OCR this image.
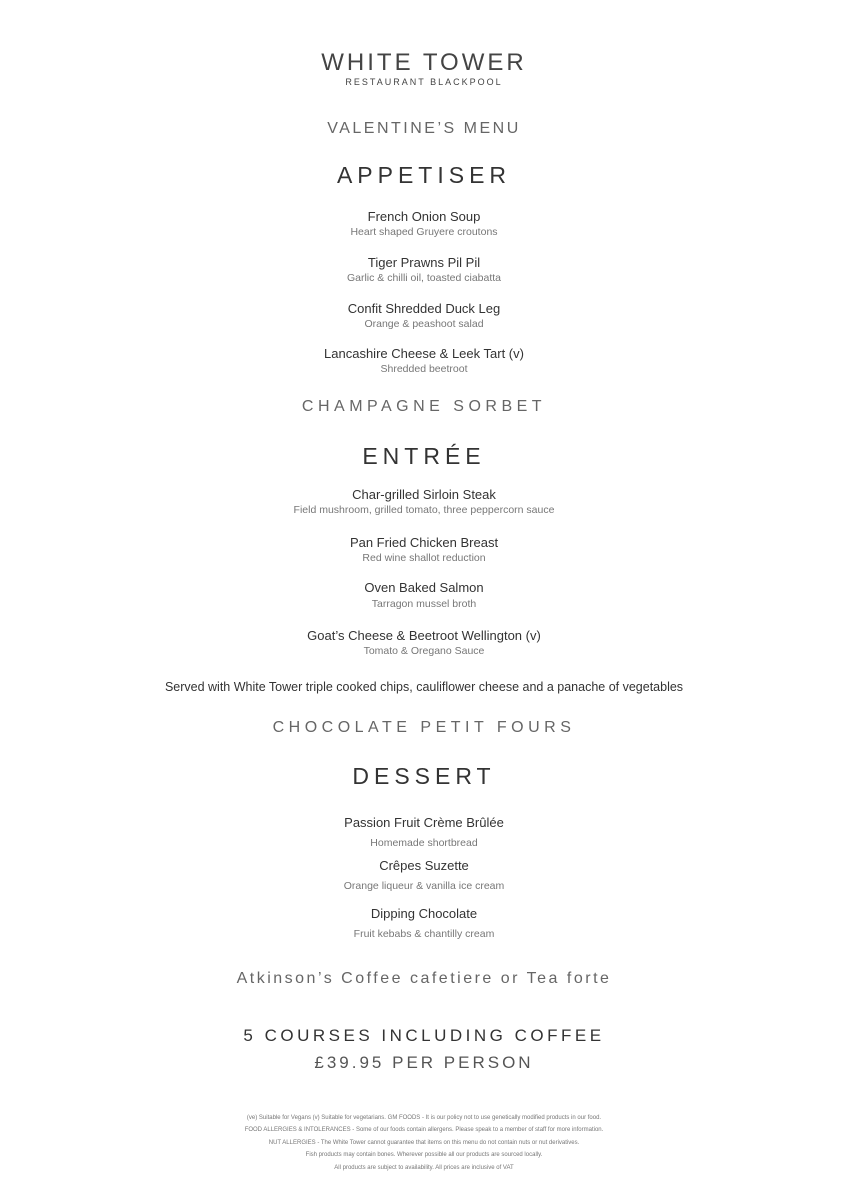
WHITE TOWER
RESTAURANT BLACKPOOL
VALENTINE’S MENU
APPETISER
French Onion Soup
Heart shaped Gruyere croutons
Tiger Prawns Pil Pil
Garlic & chilli oil, toasted ciabatta
Confit Shredded Duck Leg
Orange & peashoot salad
Lancashire Cheese & Leek Tart (v)
Shredded beetroot
CHAMPAGNE SORBET
ENTRÉE
Char-grilled Sirloin Steak
Field mushroom, grilled tomato, three peppercorn sauce
Pan Fried Chicken Breast
Red wine shallot reduction
Oven Baked Salmon
Tarragon mussel broth
Goat’s Cheese & Beetroot Wellington (v)
Tomato & Oregano Sauce
Served with White Tower triple cooked chips, cauliflower cheese and a panache of vegetables
CHOCOLATE PETIT FOURS
DESSERT
Passion Fruit Crème Brûlée
Homemade shortbread
Crêpes Suzette
Orange liqueur & vanilla ice cream
Dipping Chocolate
Fruit kebabs & chantilly cream
Atkinson’s Coffee cafetiere or Tea forte
5 COURSES INCLUDING COFFEE
£39.95 PER PERSON
(ve) Suitable for Vegans (v) Suitable for vegetarians. GM FOODS - It is our policy not to use genetically modified products in our food.
FOOD ALLERGIES & INTOLERANCES - Some of our foods contain allergens. Please speak to a member of staff for more information.
NUT ALLERGIES - The White Tower cannot guarantee that items on this menu do not contain nuts or nut derivatives.
Fish products may contain bones. Wherever possible all our products are sourced locally.
All products are subject to availability. All prices are inclusive of VAT
